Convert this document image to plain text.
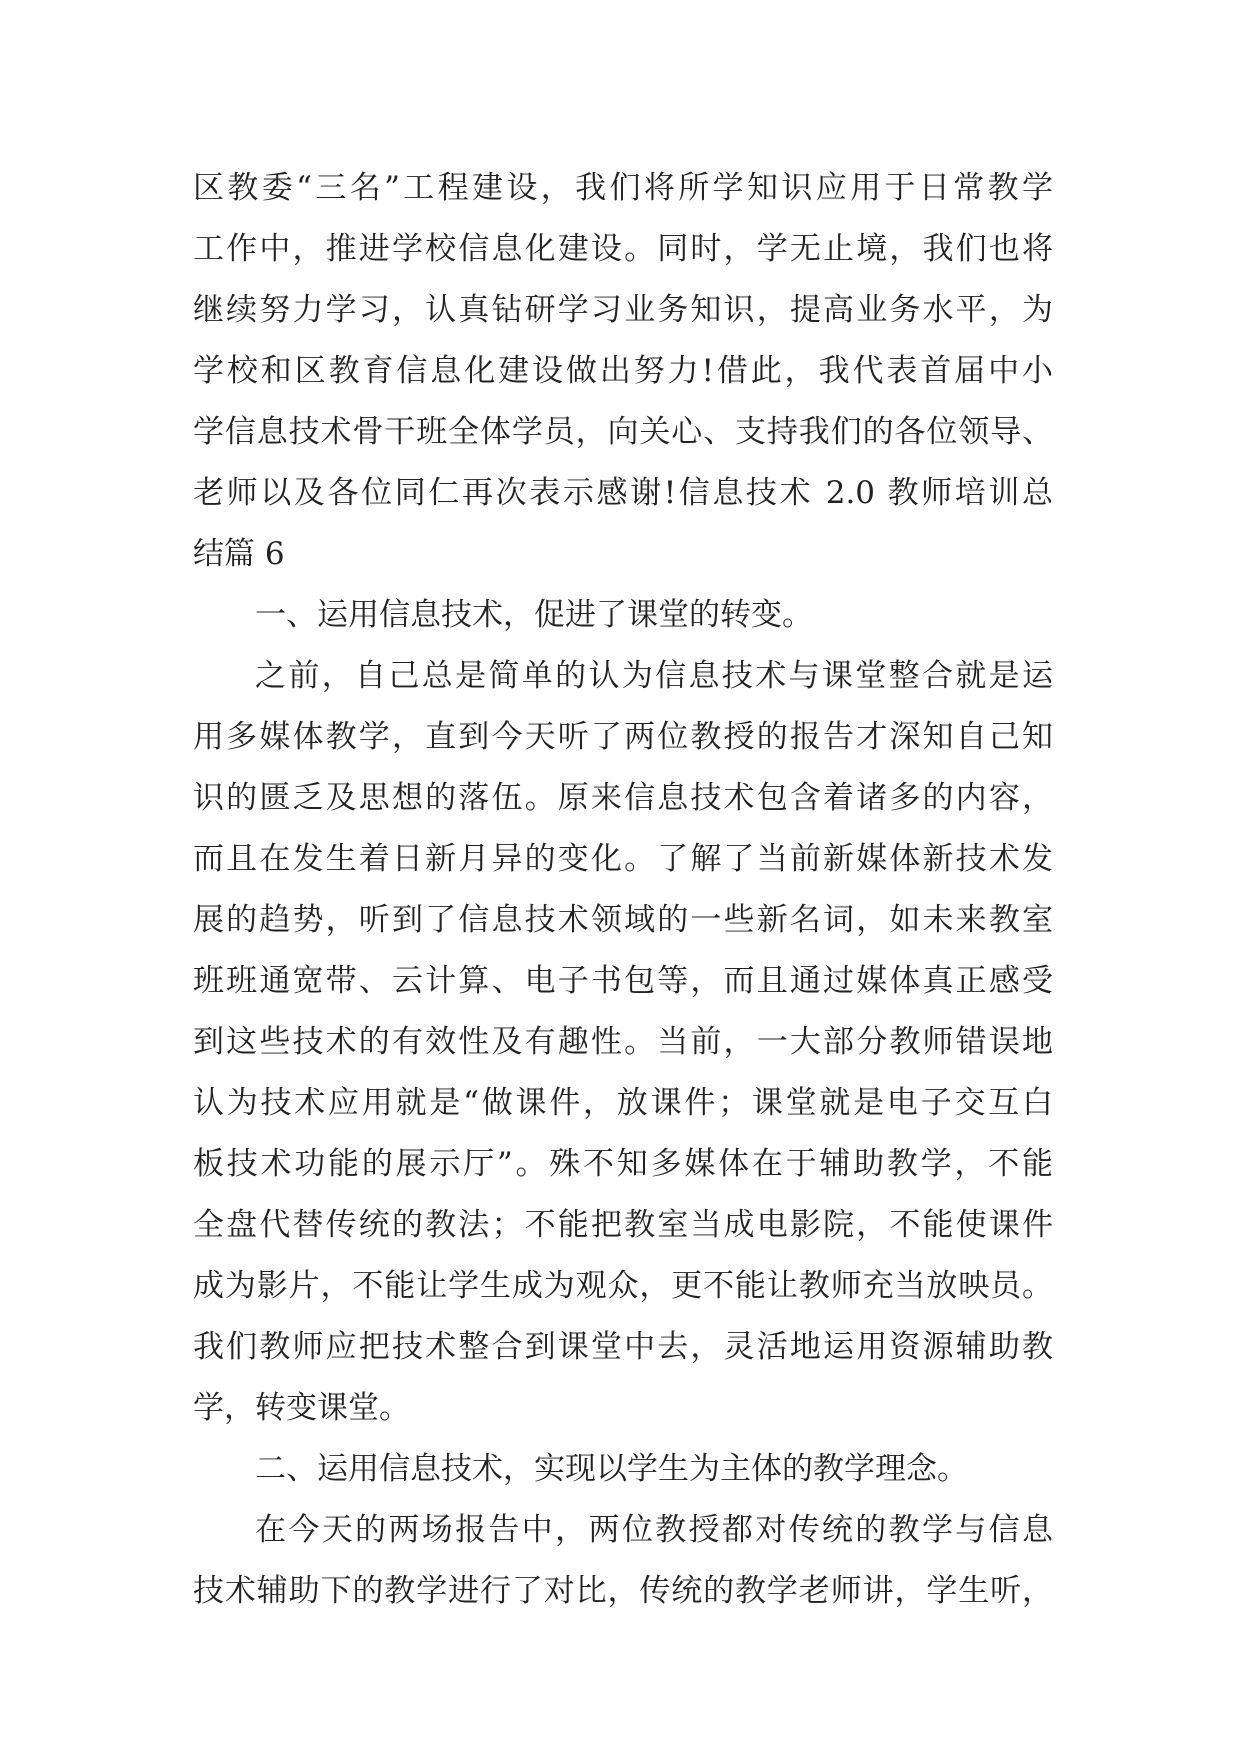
区教委“三名”工程建设，我们将所学知识应用于日常教学
工作中，推进学校信息化建设。同时，学无止境，我们也将
继续努力学习，认真钻研学习业务知识，提高业务水平，为
学校和区教育信息化建设做出努力!借此，我代表首届中小
学信息技术骨干班全体学员，向关心、支持我们的各位领导、
老师以及各位同仁再次表示感谢!信息技术 2.0 教师培训总
结篇 6
一、运用信息技术，促进了课堂的转变。
之前，自己总是简单的认为信息技术与课堂整合就是运
用多媒体教学，直到今天听了两位教授的报告才深知自己知
识的匮乏及思想的落伍。原来信息技术包含着诸多的内容，
而且在发生着日新月异的变化。了解了当前新媒体新技术发
展的趋势，听到了信息技术领域的一些新名词，如未来教室
班班通宽带、云计算、电子书包等，而且通过媒体真正感受
到这些技术的有效性及有趣性。当前，一大部分教师错误地
认为技术应用就是“做课件，放课件；课堂就是电子交互白
板技术功能的展示厅”。殊不知多媒体在于辅助教学，不能
全盘代替传统的教法；不能把教室当成电影院，不能使课件
成为影片，不能让学生成为观众，更不能让教师充当放映员。
我们教师应把技术整合到课堂中去，灵活地运用资源辅助教
学，转变课堂。
二、运用信息技术，实现以学生为主体的教学理念。
在今天的两场报告中，两位教授都对传统的教学与信息
技术辅助下的教学进行了对比，传统的教学老师讲，学生听，
